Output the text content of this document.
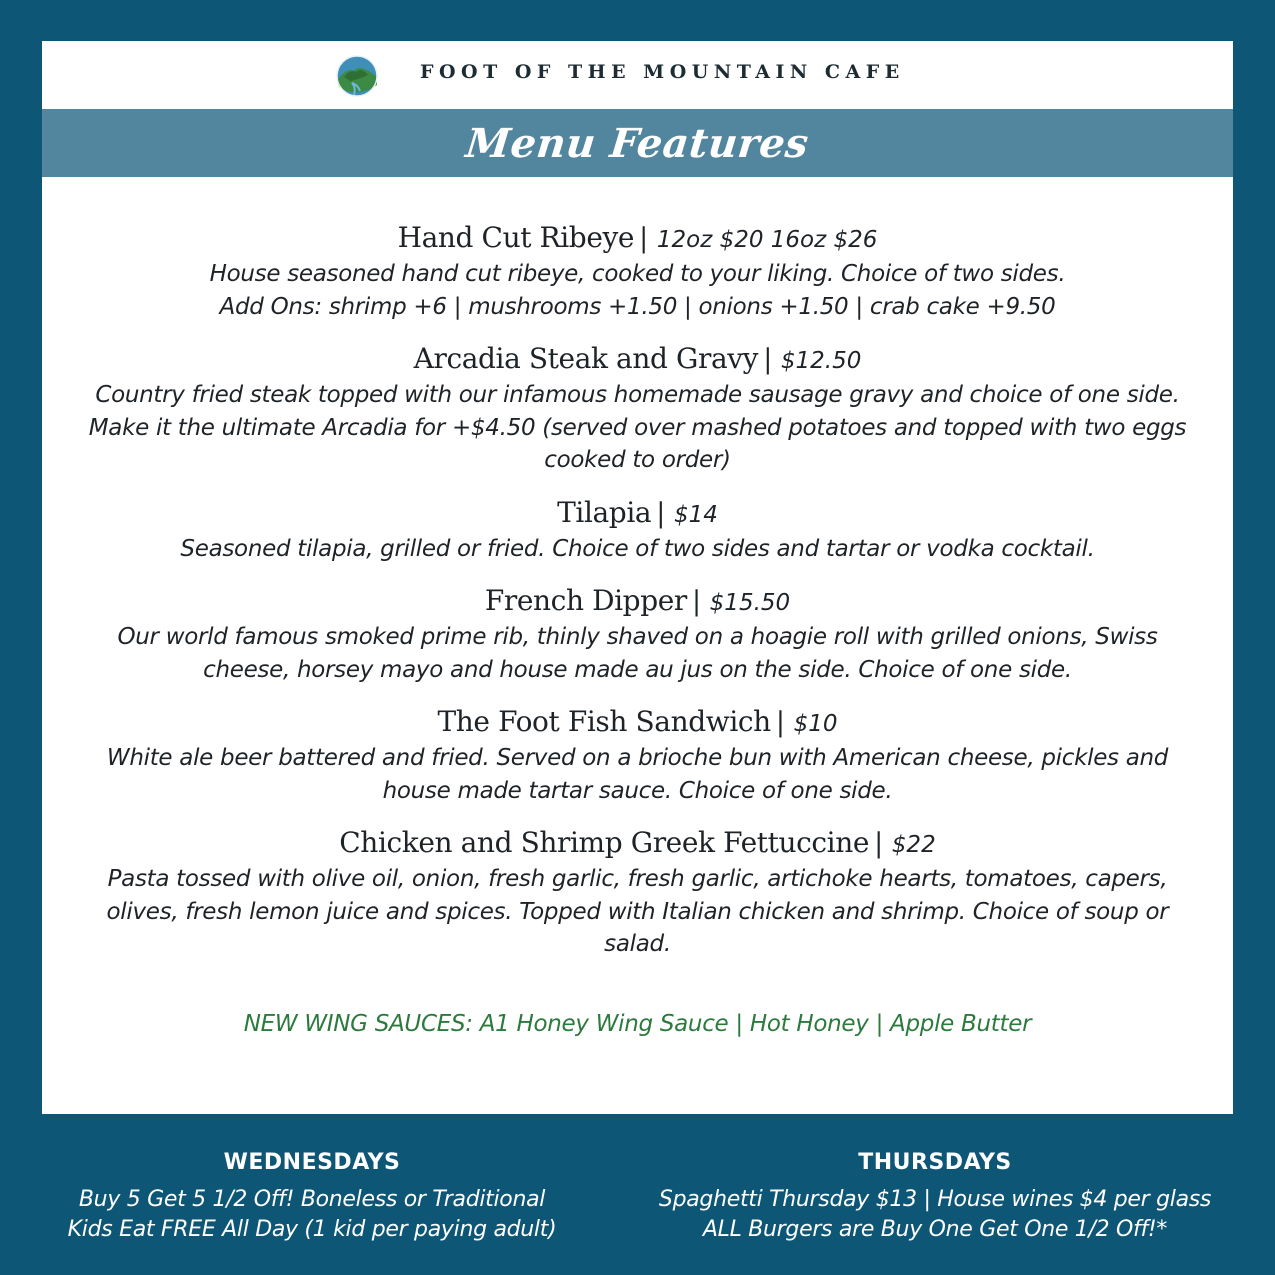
FOOT OF THE MOUNTAIN CAFE
Menu Features
Hand Cut Ribeye | 12oz $20 16oz $26
House seasoned hand cut ribeye, cooked to your liking. Choice of two sides.
Add Ons: shrimp +6 | mushrooms +1.50 | onions +1.50 | crab cake +9.50
Arcadia Steak and Gravy | $12.50
Country fried steak topped with our infamous homemade sausage gravy and choice of one side.
Make it the ultimate Arcadia for +$4.50 (served over mashed potatoes and topped with two eggs
cooked to order)
Tilapia | $14
Seasoned tilapia, grilled or fried. Choice of two sides and tartar or vodka cocktail.
French Dipper | $15.50
Our world famous smoked prime rib, thinly shaved on a hoagie roll with grilled onions, Swiss
cheese, horsey mayo and house made au jus on the side. Choice of one side.
The Foot Fish Sandwich | $10
White ale beer battered and fried. Served on a brioche bun with American cheese, pickles and
house made tartar sauce. Choice of one side.
Chicken and Shrimp Greek Fettuccine | $22
Pasta tossed with olive oil, onion, fresh garlic, fresh garlic, artichoke hearts, tomatoes, capers,
olives, fresh lemon juice and spices. Topped with Italian chicken and shrimp. Choice of soup or
salad.
NEW WING SAUCES: A1 Honey Wing Sauce | Hot Honey | Apple Butter
WEDNESDAYS
Buy 5 Get 5 1/2 Off! Boneless or Traditional
Kids Eat FREE All Day (1 kid per paying adult)
THURSDAYS
Spaghetti Thursday $13 | House wines $4 per glass
ALL Burgers are Buy One Get One 1/2 Off!*
